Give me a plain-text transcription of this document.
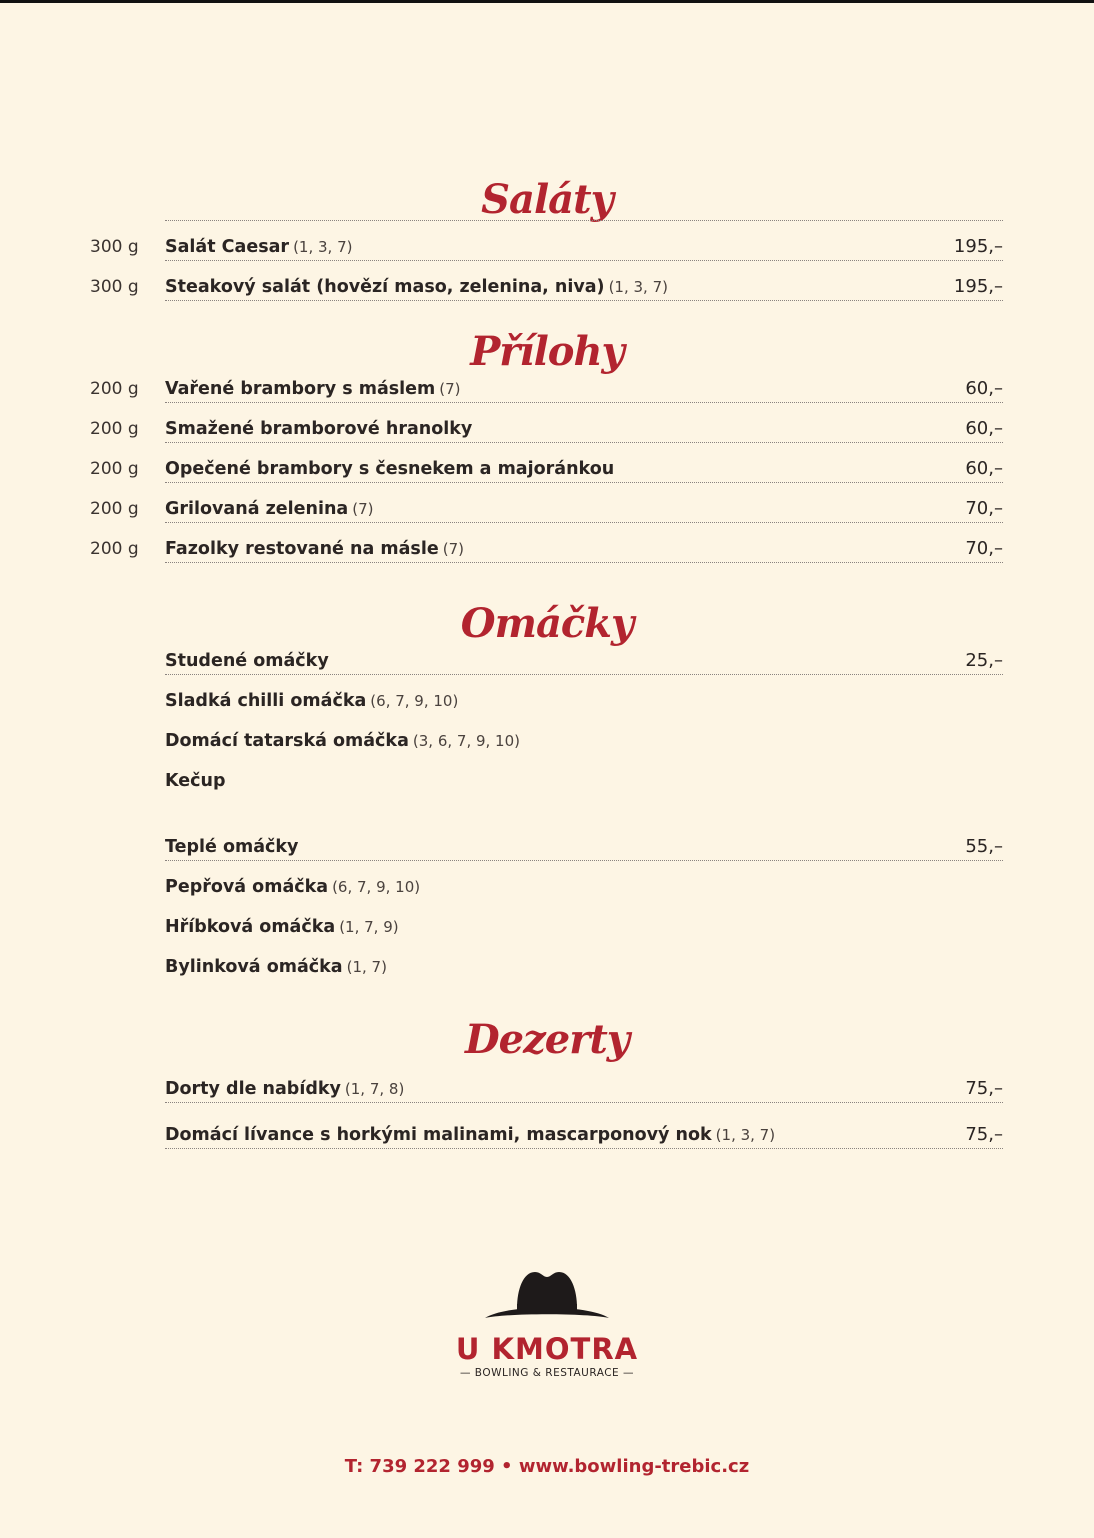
Saláty
300 g Salát Caesar (1, 3, 7)	195,–
300 g Steakový salát (hovězí maso, zelenina, niva) (1, 3, 7)	195,–
Přílohy
200 g Vařené brambory s máslem (7)	60,–
200 g Smažené bramborové hranolky	60,–
200 g Opečené brambory s česnekem a majoránkou	60,–
200 g Grilovaná zelenina (7)	70,–
200 g Fazolky restované na másle (7)	70,–
Omáčky
Studené omáčky	25,–
Sladká chilli omáčka (6, 7, 9, 10)
Domácí tatarská omáčka (3, 6, 7, 9, 10)
Kečup
Teplé omáčky	55,–
Pepřová omáčka (6, 7, 9, 10)
Hříbková omáčka (1, 7, 9)
Bylinková omáčka (1, 7)
Dezerty
Dorty dle nabídky (1, 7, 8)	75,–
Domácí lívance s horkými malinami, mascarponový nok (1, 3, 7)	75,–
U KMOTRA
— BOWLING & RESTAURACE —
T: 739 222 999 • www.bowling-trebic.cz
